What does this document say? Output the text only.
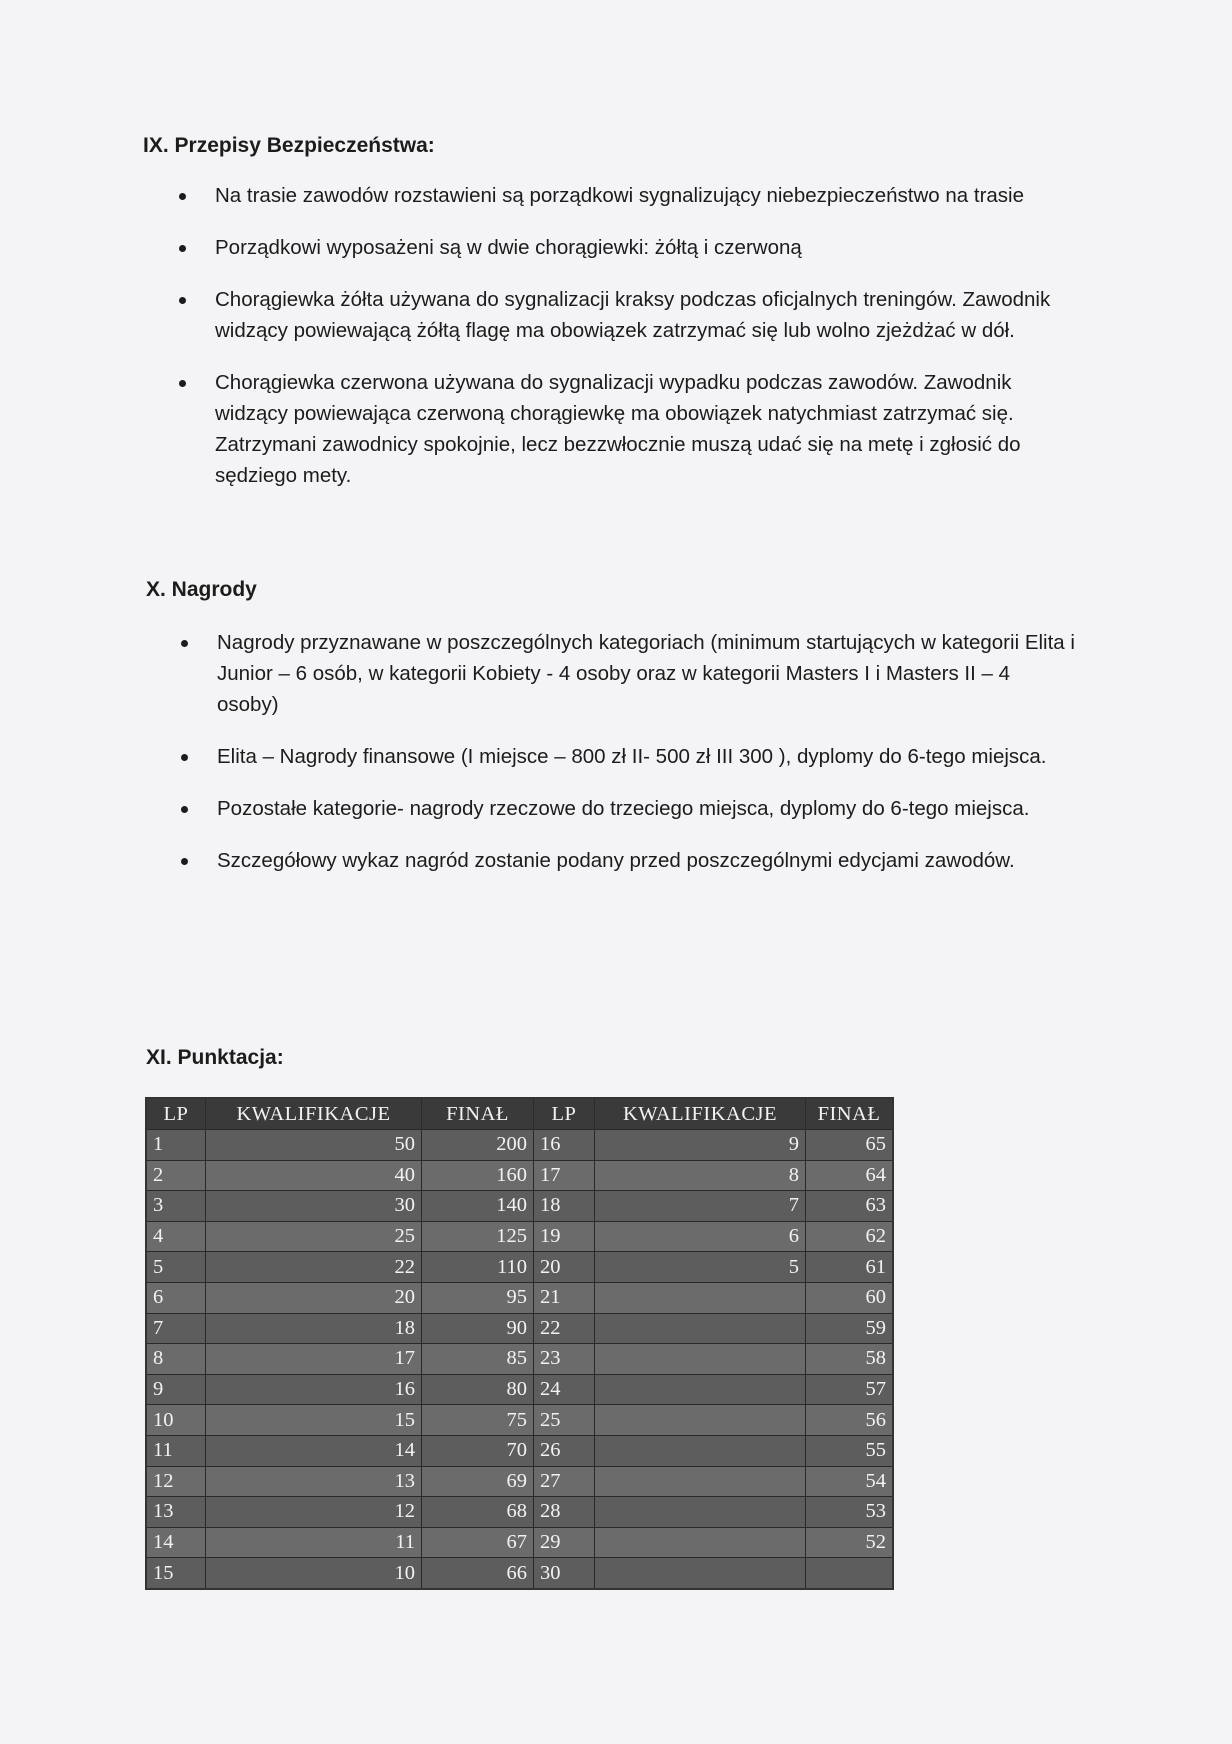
IX. Przepisy Bezpieczeństwa:
Na trasie zawodów rozstawieni są porządkowi sygnalizujący niebezpieczeństwo na trasie
Porządkowi wyposażeni są w dwie chorągiewki: żółtą i czerwoną
Chorągiewka żółta używana do sygnalizacji kraksy podczas oficjalnych treningów. Zawodnik widzący powiewającą żółtą flagę ma obowiązek zatrzymać się lub wolno zjeżdżać w dół.
Chorągiewka czerwona używana do sygnalizacji wypadku podczas zawodów. Zawodnik widzący powiewająca czerwoną chorągiewkę ma obowiązek natychmiast zatrzymać się. Zatrzymani zawodnicy spokojnie, lecz bezzwłocznie muszą udać się na metę i zgłosić do sędziego mety.
X. Nagrody
Nagrody przyznawane w poszczególnych kategoriach (minimum startujących w kategorii Elita i Junior – 6 osób, w kategorii Kobiety - 4 osoby oraz w kategorii Masters I i Masters II – 4 osoby)
Elita – Nagrody finansowe (I miejsce – 800 zł II- 500 zł III 300 ), dyplomy do 6-tego miejsca.
Pozostałe kategorie- nagrody rzeczowe do trzeciego miejsca, dyplomy do 6-tego miejsca.
Szczegółowy wykaz nagród zostanie podany przed poszczególnymi edycjami zawodów.
XI. Punktacja:
LP	KWALIFIKACJE	FINAŁ	LP	KWALIFIKACJE	FINAŁ
1	50	200	16	9	65
2	40	160	17	8	64
3	30	140	18	7	63
4	25	125	19	6	62
5	22	110	20	5	61
6	20	95	21		60
7	18	90	22		59
8	17	85	23		58
9	16	80	24		57
10	15	75	25		56
11	14	70	26		55
12	13	69	27		54
13	12	68	28		53
14	11	67	29		52
15	10	66	30		
